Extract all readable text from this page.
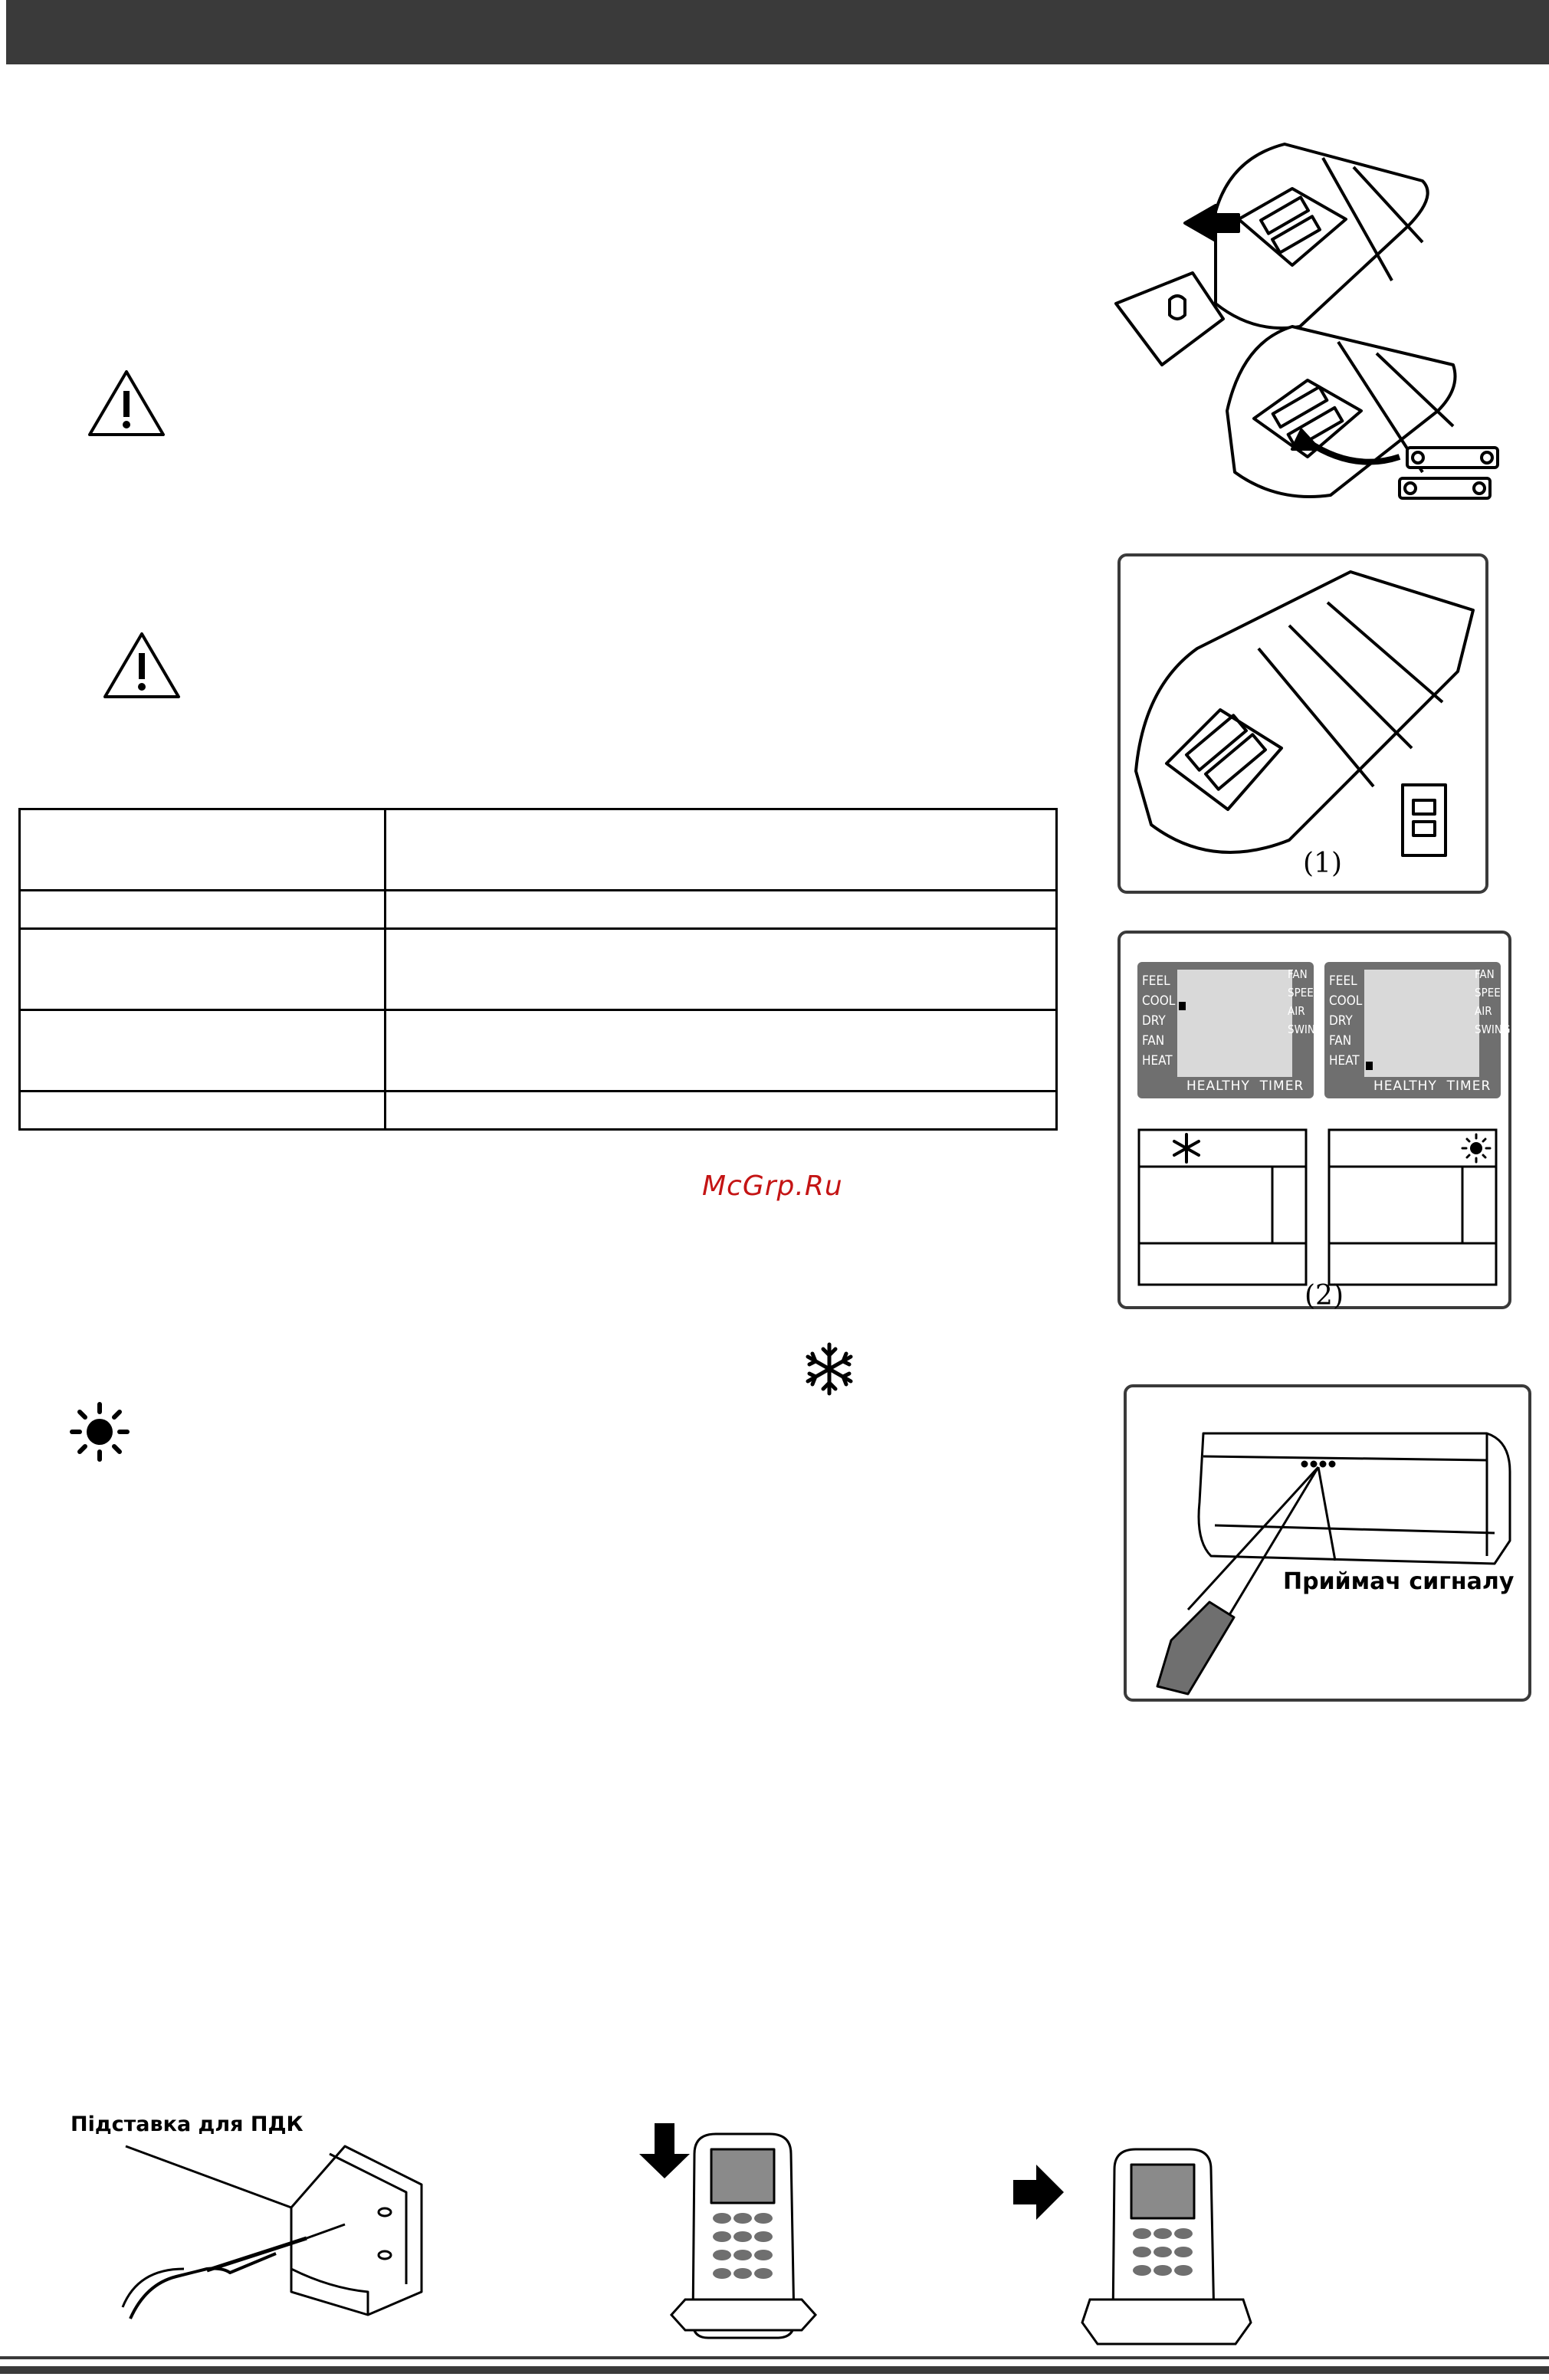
McGrp.Ru
(1)
FEEL
COOL
DRY
FAN
HEAT
FAN
SPEED
AIR
SWING
HEALTHY TIMER
FEEL
COOL
DRY
FAN
HEAT
FAN
SPEED
AIR
SWING
HEALTHY TIMER
(2)
Приймач сигналу
Підставка для ПДК
